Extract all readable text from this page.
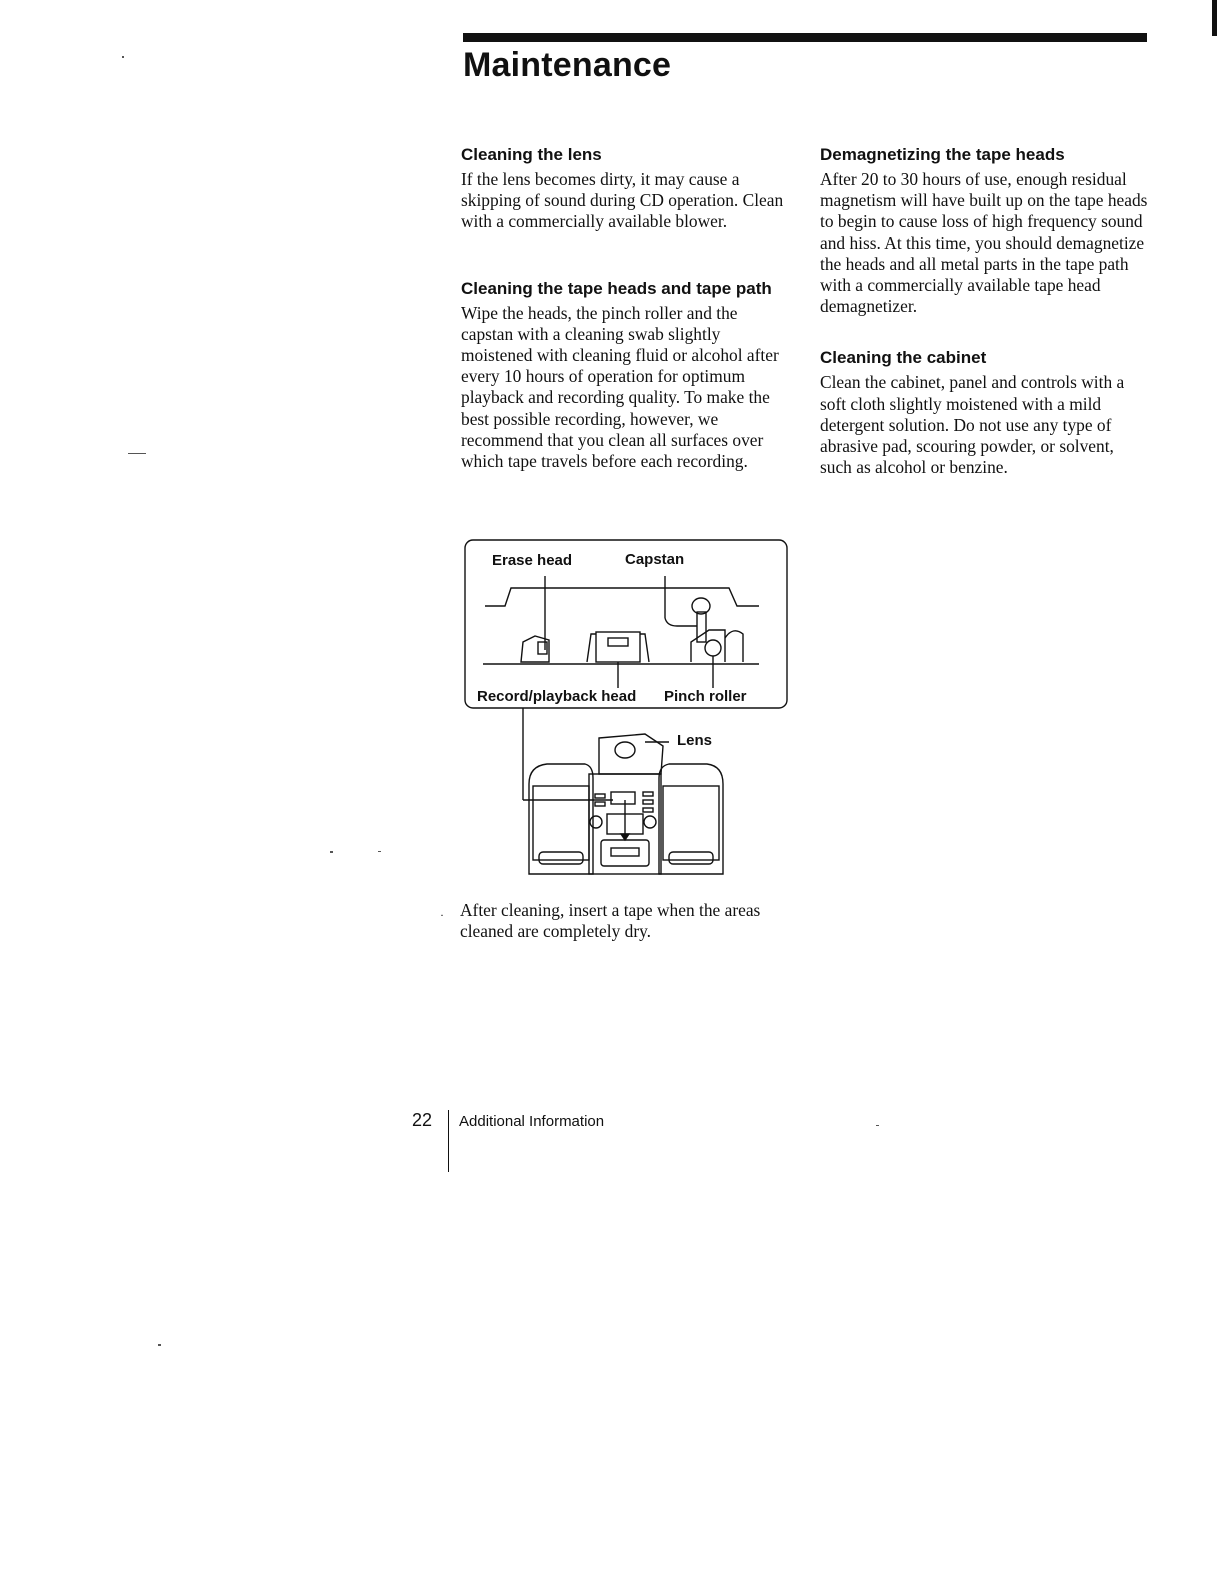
Maintenance
Cleaning the lens

If the lens becomes dirty, it may cause a skipping of sound during CD operation. Clean with a commercially available blower.

Cleaning the tape heads and tape path

Wipe the heads, the pinch roller and the capstan with a cleaning swab slightly moistened with cleaning fluid or alcohol after every 10 hours of operation for optimum playback and recording quality. To make the best possible recording, however, we recommend that you clean all surfaces over which tape travels before each recording.

Demagnetizing the tape heads

After 20 to 30 hours of use, enough residual magnetism will have built up on the tape heads to begin to cause loss of high frequency sound and hiss. At this time, you should demagnetize the heads and all metal parts in the tape path with a commercially available tape head demagnetizer.

Cleaning the cabinet

Clean the cabinet, panel and controls with a soft cloth slightly moistened with a mild detergent solution. Do not use any type of abrasive pad, scouring powder, or solvent, such as alcohol or benzine.

Erase head	Capstan
Record/playback head Pinch roller
Lens
· After cleaning, insert a tape when the areas cleaned are completely dry.

22 Additional Information
